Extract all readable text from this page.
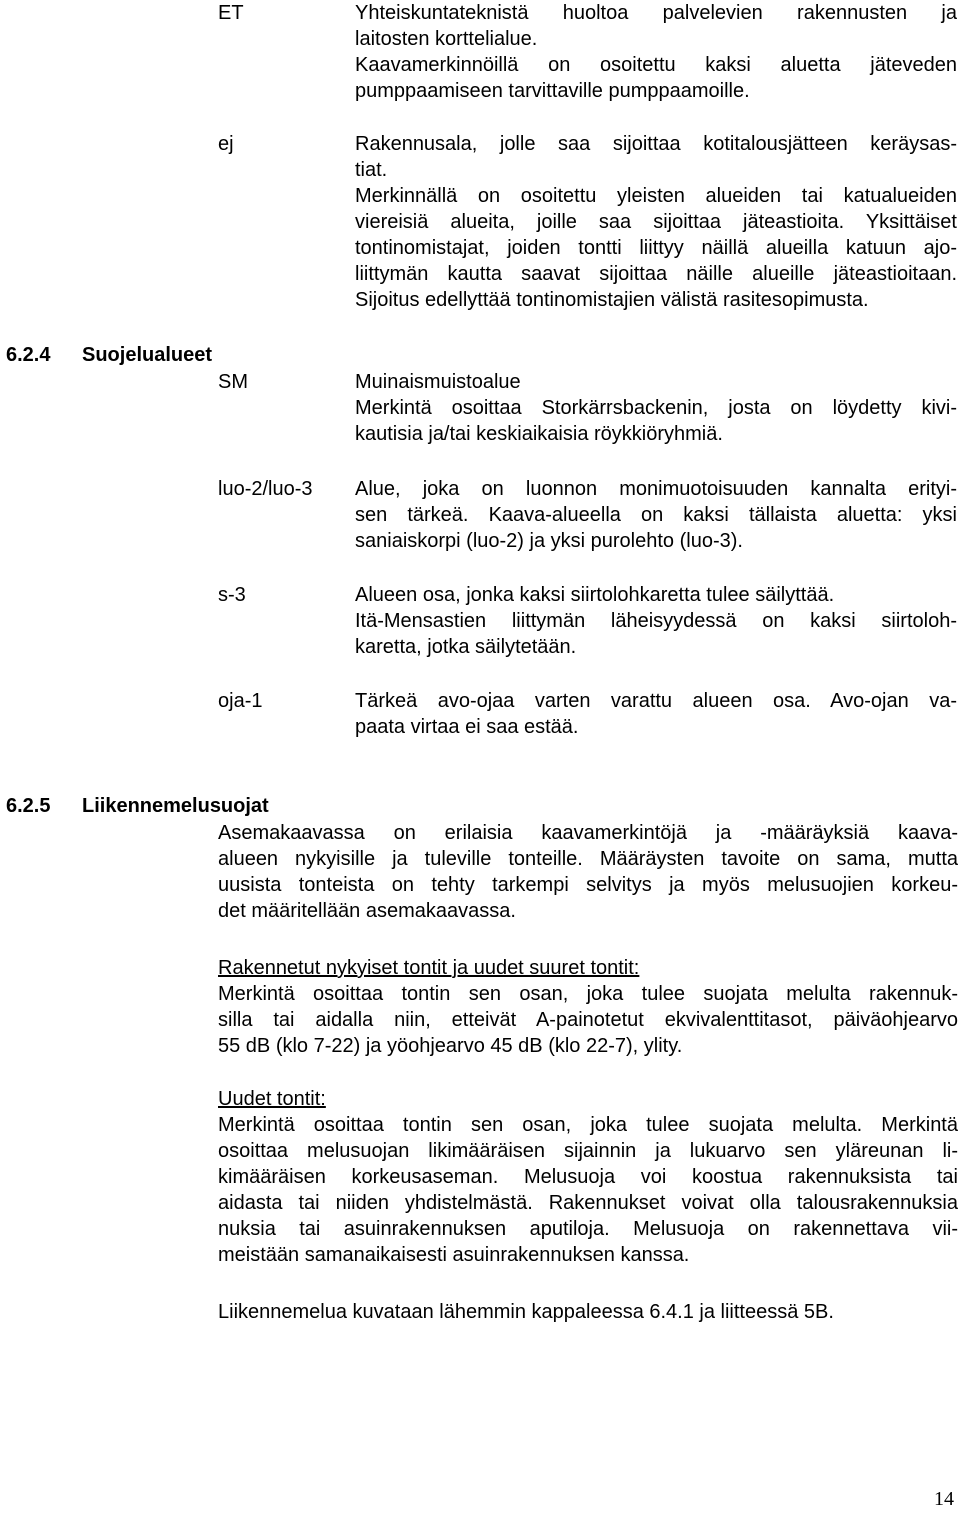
ET	Yhteiskuntateknistä huoltoa palvelevien rakennusten ja
laitosten korttelialue.
Kaavamerkinnöillä on osoitettu kaksi aluetta jäteveden
pumppaamiseen tarvittaville pumppaamoille.
ej	Rakennusala, jolle saa sijoittaa kotitalousjätteen keräysas-
tiat.
Merkinnällä on osoitettu yleisten alueiden tai katualueiden
viereisiä alueita, joille saa sijoittaa jäteastioita. Yksittäiset
tontinomistajat, joiden tontti liittyy näillä alueilla katuun ajo-
liittymän kautta saavat sijoittaa näille alueille jäteastioitaan.
Sijoitus edellyttää tontinomistajien välistä rasitesopimusta.
6.2.4 Suojelualueet
SM	Muinaismuistoalue
Merkintä osoittaa Storkärrsbackenin, josta on löydetty kivi-
kautisia ja/tai keskiaikaisia röykkiöryhmiä.
luo-2/luo-3	Alue, joka on luonnon monimuotoisuuden kannalta erityi-
sen tärkeä. Kaava-alueella on kaksi tällaista aluetta: yksi
saniaiskorpi (luo-2) ja yksi purolehto (luo-3).
s-3	Alueen osa, jonka kaksi siirtolohkaretta tulee säilyttää.
Itä-Mensastien liittymän läheisyydessä on kaksi siirtoloh-
karetta, jotka säilytetään.
oja-1	Tärkeä avo-ojaa varten varattu alueen osa. Avo-ojan va-
paata virtaa ei saa estää.
6.2.5 Liikennemelusuojat
Asemakaavassa on erilaisia kaavamerkintöjä ja -määräyksiä kaava-
alueen nykyisille ja tuleville tonteille. Määräysten tavoite on sama, mutta
uusista tonteista on tehty tarkempi selvitys ja myös melusuojien korkeu-
det määritellään asemakaavassa.
Rakennetut nykyiset tontit ja uudet suuret tontit:
Merkintä osoittaa tontin sen osan, joka tulee suojata melulta rakennuk-
silla tai aidalla niin, etteivät A-painotetut ekvivalenttitasot, päiväohjearvo
55 dB (klo 7-22) ja yöohjearvo 45 dB (klo 22-7), ylity.
Uudet tontit:
Merkintä osoittaa tontin sen osan, joka tulee suojata melulta. Merkintä
osoittaa melusuojan likimääräisen sijainnin ja lukuarvo sen yläreunan li-
kimääräisen korkeusaseman. Melusuoja voi koostua rakennuksista tai
aidasta tai niiden yhdistelmästä. Rakennukset voivat olla talousrakennuksia
nuksia tai asuinrakennuksen aputiloja. Melusuoja on rakennettava vii-
meistään samanaikaisesti asuinrakennuksen kanssa.
Liikennemelua kuvataan lähemmin kappaleessa 6.4.1 ja liitteessä 5B.
14
